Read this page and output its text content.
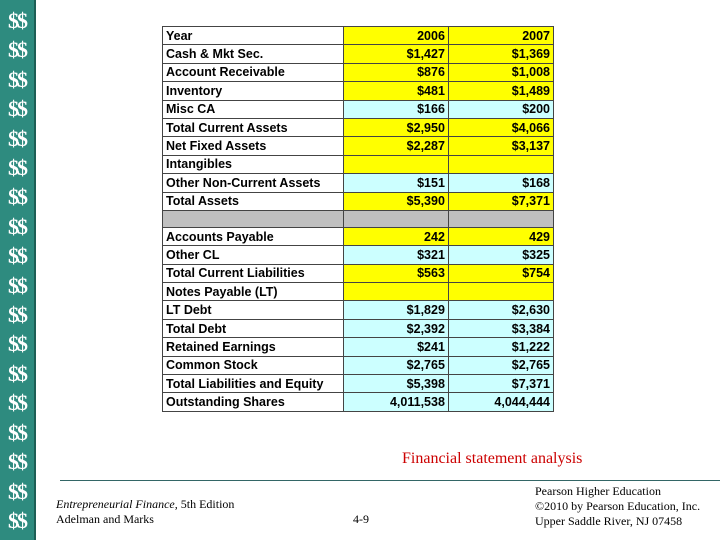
$$
$$
$$
$$
$$
$$
$$
$$
$$
$$
$$
$$
$$
$$
$$
$$
$$
$$
Year	2006	2007
Cash & Mkt Sec.	$1,427	$1,369
Account Receivable	$876	$1,008
Inventory	$481	$1,489
Misc CA	$166	$200
Total Current Assets	$2,950	$4,066
Net Fixed Assets	$2,287	$3,137
Intangibles		
Other Non-Current Assets	$151	$168
Total Assets	$5,390	$7,371

Accounts Payable	242	429
Other CL	$321	$325
Total Current Liabilities	$563	$754
Notes Payable (LT)		
LT Debt	$1,829	$2,630
Total Debt	$2,392	$3,384
Retained Earnings	$241	$1,222
Common Stock	$2,765	$2,765
Total Liabilities and Equity	$5,398	$7,371
Outstanding Shares	4,011,538	4,044,444
Financial statement analysis
Entrepreneurial Finance, 5th Edition
Adelman and Marks	4-9
Pearson Higher Education
©2010 by Pearson Education, Inc.
Upper Saddle River, NJ 07458
